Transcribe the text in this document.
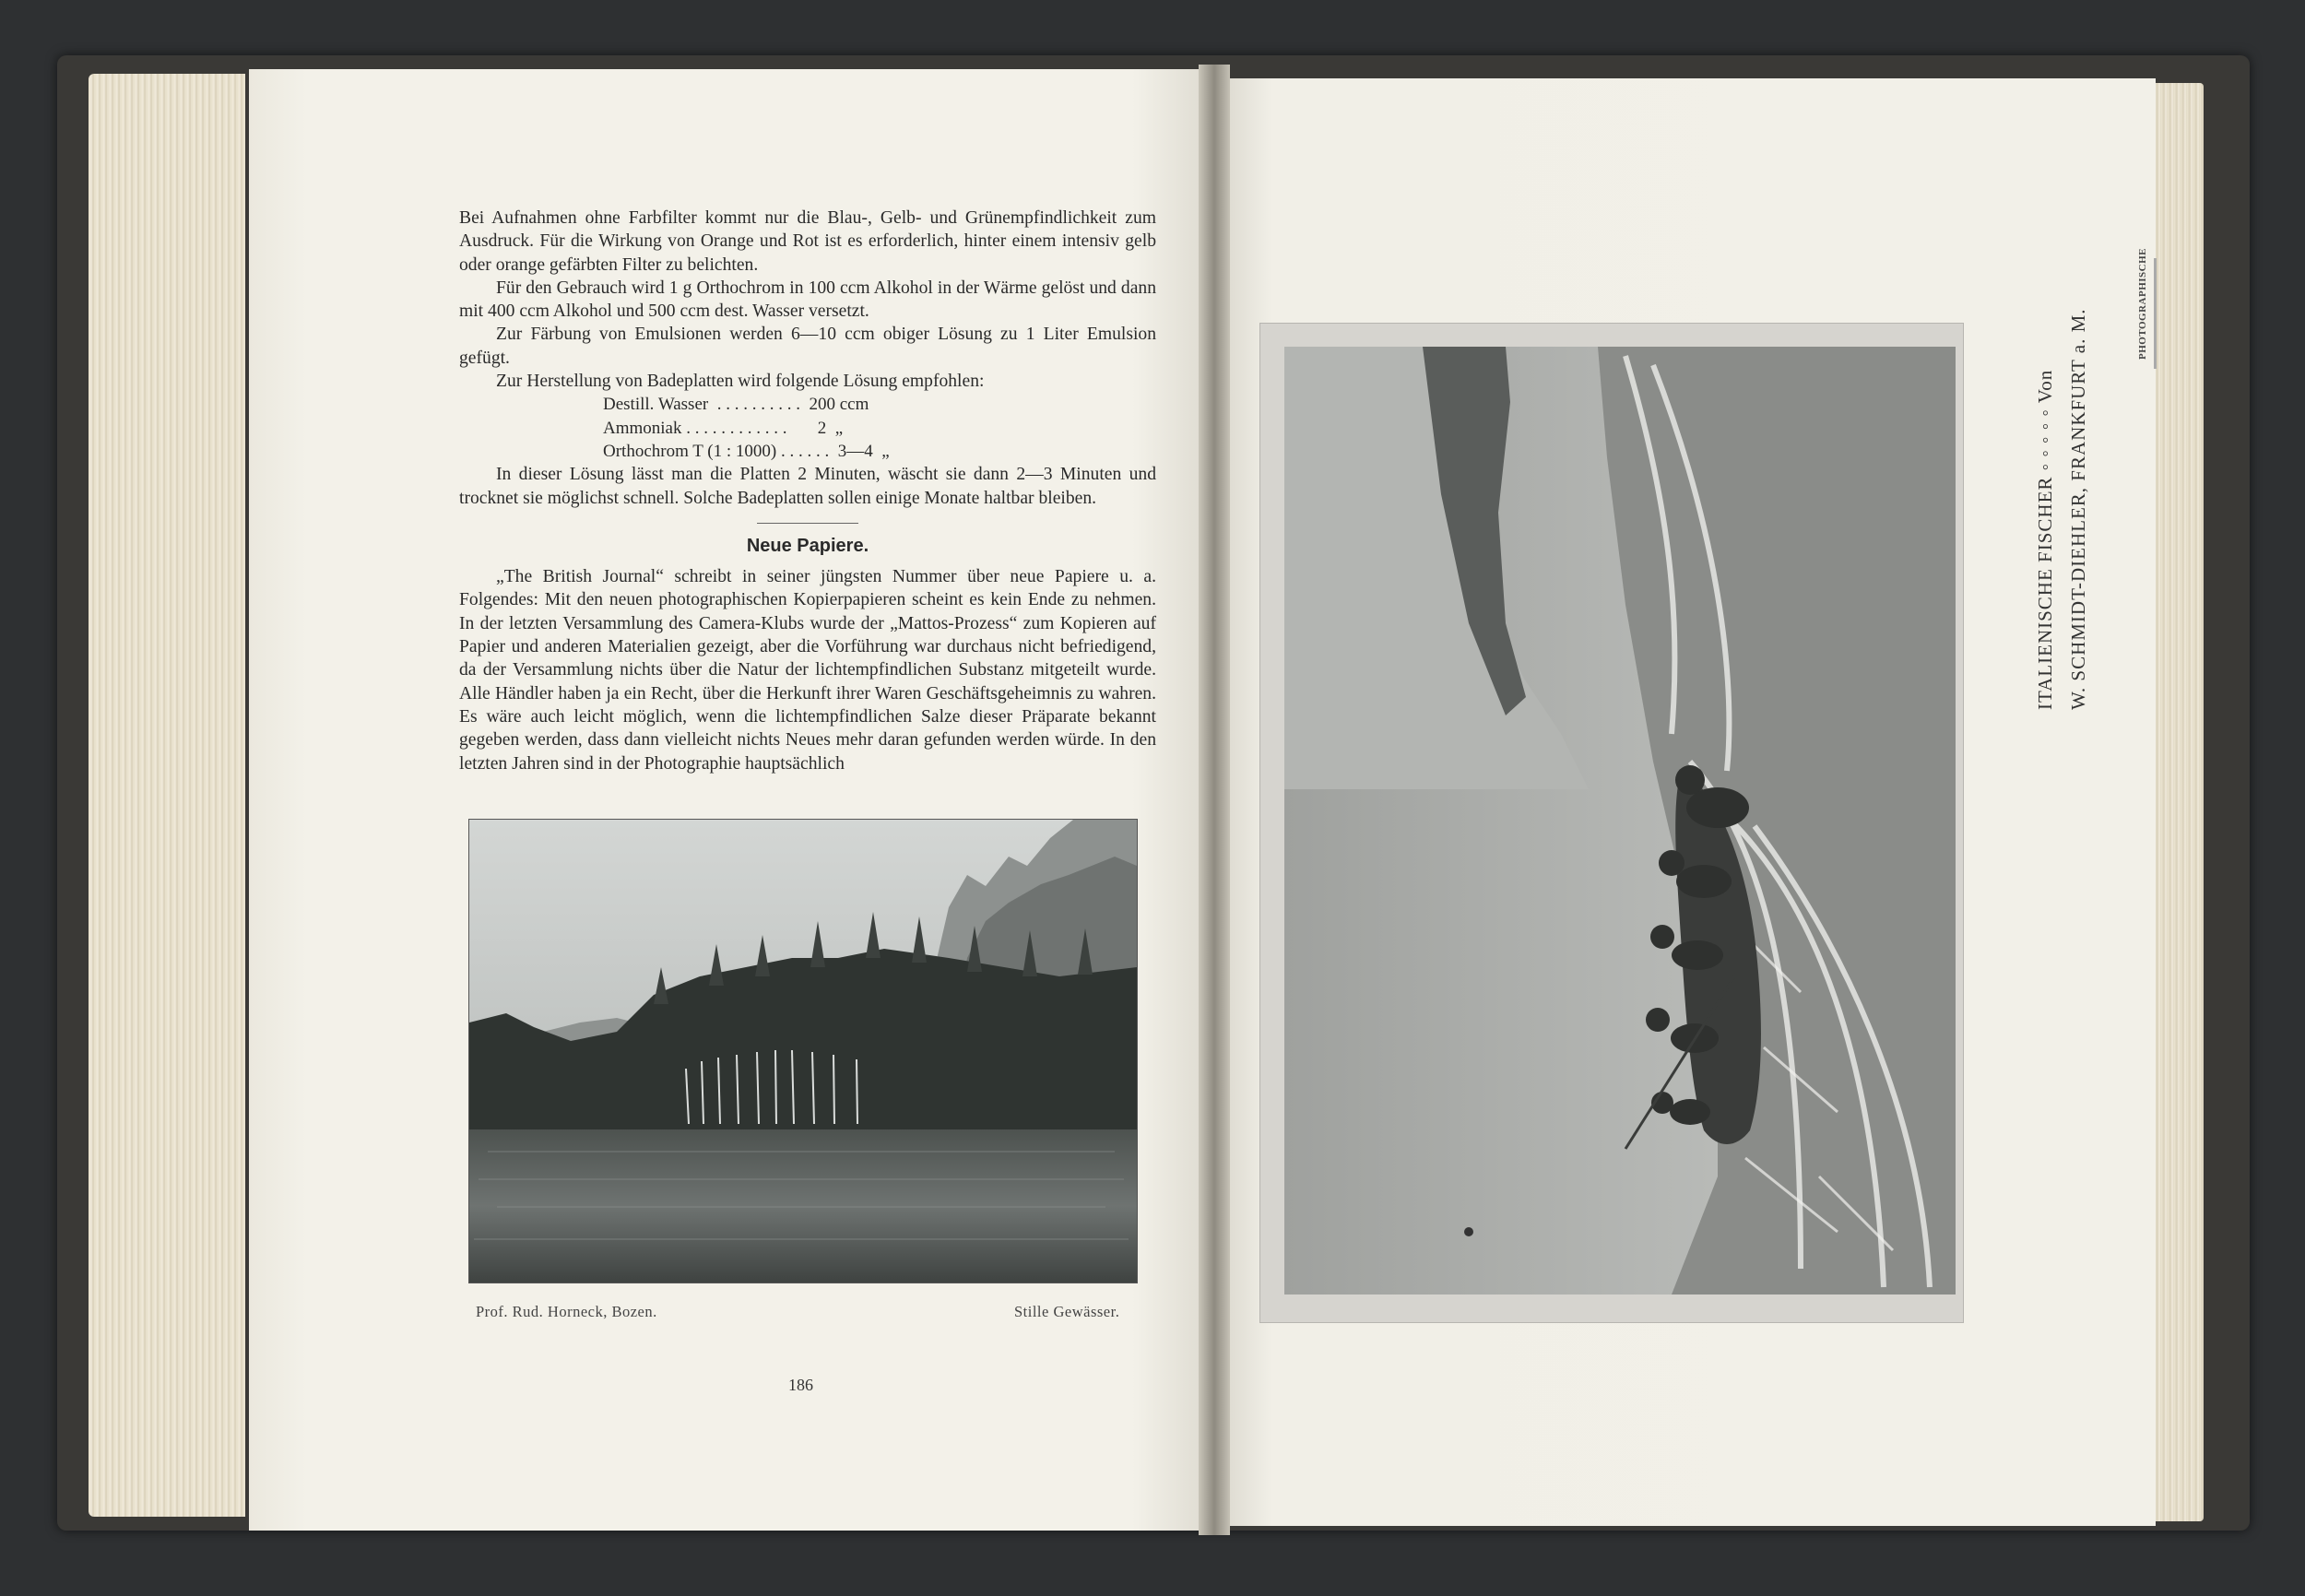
Bei Aufnahmen ohne Farbfilter kommt nur die Blau-, Gelb- und Grünempfindlichkeit zum Ausdruck. Für die Wirkung von Orange und Rot ist es erforderlich, hinter einem intensiv gelb oder orange gefärbten Filter zu belichten.

Für den Gebrauch wird 1 g Orthochrom in 100 ccm Alkohol in der Wärme gelöst und dann mit 400 ccm Alkohol und 500 ccm dest. Wasser versetzt.

Zur Färbung von Emulsionen werden 6—10 ccm obiger Lösung zu 1 Liter Emulsion gefügt.

Zur Herstellung von Badeplatten wird folgende Lösung empfohlen:

Destill. Wasser  . . . . . . . . . .  200 ccm

Ammoniak . . . . . . . . . . . .       2  „

Orthochrom T (1 : 1000) . . . . . .  3—4  „

In dieser Lösung lässt man die Platten 2 Minuten, wäscht sie dann 2—3 Minuten und trocknet sie möglichst schnell. Solche Badeplatten sollen einige Monate haltbar bleiben.

Neue Papiere.

„The British Journal“ schreibt in seiner jüngsten Nummer über neue Papiere u. a. Folgendes: Mit den neuen photographischen Kopierpapieren scheint es kein Ende zu nehmen. In der letzten Versammlung des Camera-Klubs wurde der „Mattos-Prozess“ zum Kopieren auf Papier und anderen Materialien gezeigt, aber die Vorführung war durchaus nicht befriedigend, da der Versammlung nichts über die Natur der lichtempfindlichen Substanz mitgeteilt wurde. Alle Händler haben ja ein Recht, über die Herkunft ihrer Waren Geschäftsgeheimnis zu wahren. Es wäre auch leicht möglich, wenn die lichtempfindlichen Salze dieser Präparate bekannt gegeben werden, dass dann vielleicht nichts Neues mehr daran gefunden werden würde. In den letzten Jahren sind in der Photographie hauptsächlich

Prof. Rud. Horneck, Bozen.	Stille Gewässer.
186
ITALIENISCHE FISCHER ◦ ◦ ◦ ◦ ◦ Von W. SCHMIDT-DIEHLER, FRANKFURT a. M.
PHOTOGRAPHISCHE
